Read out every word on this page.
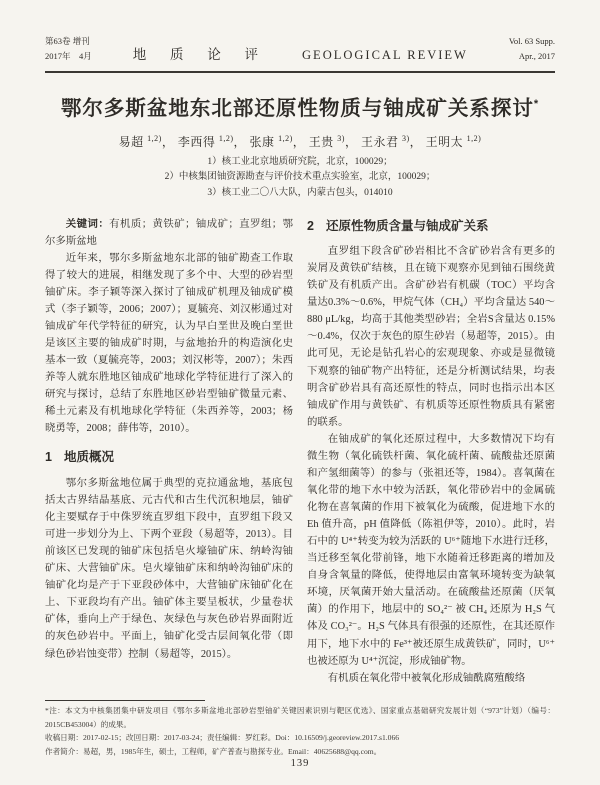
第63卷 增刊
2017年　4月	地 质 论 评	GEOLOGICAL REVIEW
Vol. 63 Supp.
Apr., 2017
鄂尔多斯盆地东北部还原性物质与铀成矿关系探讨*
易超 $^{1,2)}$ ， 李西得 $^{1,2)}$ ， 张康 $^{1,2)}$ ， 王贵 $^{3)}$ ， 王永君 $^{3)}$ ， 王明太 $^{1,2)}$
1）核工业北京地质研究院，北京，100029；
2）中核集团铀资源勘查与评价技术重点实验室，北京，100029；
3）核工业二〇八大队，内蒙古包头，014010

关键词：有机质；黄铁矿；铀成矿；直罗组；鄂尔多斯盆地

近年来，鄂尔多斯盆地东北部的铀矿勘查工作取得了较大的进展，相继发现了多个中、大型的砂岩型铀矿床。李子颖等深入探讨了铀成矿机理及铀成矿模式（李子颖等，2006；2007）；夏毓亮、刘汉彬通过对铀成矿年代学特征的研究，认为早白垩世及晚白垩世是该区主要的铀成矿时期，与盆地抬升的构造演化史基本一致（夏毓亮等，2003；刘汉彬等，2007）；朱西养等人就东胜地区铀成矿地球化学特征进行了深入的研究与探讨，总结了东胜地区砂岩型铀矿微量元素、稀土元素及有机地球化学特征（朱西养等，2003；杨晓勇等，2008；薛伟等，2010）。

1 地质概况

鄂尔多斯盆地位属于典型的克拉通盆地，基底包括太古界结晶基底、元古代和古生代沉积地层，铀矿化主要赋存于中侏罗统直罗组下段中，直罗组下段又可进一步划分为上、下两个亚段（易超等，2013）。目前该区已发现的铀矿床包括皂火壕铀矿床、纳岭沟铀矿床、大营铀矿床。皂火壕铀矿床和纳岭沟铀矿床的铀矿化均是产于下亚段砂体中，大营铀矿床铀矿化在上、下亚段均有产出。铀矿体主要呈板状，少量卷状矿体，垂向上产于绿色、灰绿色与灰色砂岩界面附近的灰色砂岩中。平面上，铀矿化受古层间氧化带（即绿色砂岩蚀变带）控制（易超等，2015）。

2 还原性物质含量与铀成矿关系

直罗组下段含矿砂岩相比不含矿砂岩含有更多的炭屑及黄铁矿结核，且在镜下观察亦见到铀石围绕黄铁矿及有机质产出。含矿砂岩有机碳（TOC）平均含量达0.3%～0.6%，甲烷气体（CH₄）平均含量达 540～880 μL/kg，均高于其他类型砂岩；全岩S含量达 0.15%～0.4%，仅次于灰色的原生砂岩（易超等，2015）。由此可见，无论是钻孔岩心的宏观现象、亦或是显微镜下观察的铀矿物产出特征，还是分析测试结果，均表明含矿砂岩具有高还原性的特点，同时也指示出本区铀成矿作用与黄铁矿、有机质等还原性物质具有紧密的联系。

在铀成矿的氧化还原过程中，大多数情况下均有微生物（氧化硫铁杆菌、氧化硫杆菌、硫酸盐还原菌和产氢细菌等）的参与（张祖还等，1984）。喜氧菌在氧化带的地下水中较为活跃，氧化带砂岩中的金属硫化物在喜氧菌的作用下被氧化为硫酸，促进地下水的 Eh 值升高，pH 值降低（陈祖伊等，2010）。此时，岩石中的 U⁴⁺转变为较为活跃的 U⁶⁺随地下水进行迁移，当迁移至氧化带前锋，地下水随着迁移距离的增加及自身含氧量的降低，使得地层由富氧环境转变为缺氧环境，厌氧菌开始大量活动。在硫酸盐还原菌（厌氧菌）的作用下，地层中的 SO₄²⁻ 被 CH₄ 还原为 H₂S 气体及 CO₃²⁻。H₂S 气体具有很强的还原性，在其还原作用下，地下水中的 Fe³⁺被还原生成黄铁矿，同时，U⁶⁺也被还原为 U⁴⁺沉淀，形成铀矿物。

有机质在氧化带中被氧化形成铀酰腐殖酸络

*注：本文为中核集团集中研发项目《鄂尔多斯盆地北部砂岩型铀矿关键因素识别与靶区优选》、国家重点基础研究发展计划（“973”计划）（编号：2015CB453004）的成果。

收稿日期：2017-02-15；改回日期：2017-03-24；责任编辑：罗红彩。Doi：10.16509/j.georeview.2017.s1.066

作者简介：易超，男，1985年生，硕士，工程师，矿产普查与勘探专业。Email：40625688@qq.com。

139
